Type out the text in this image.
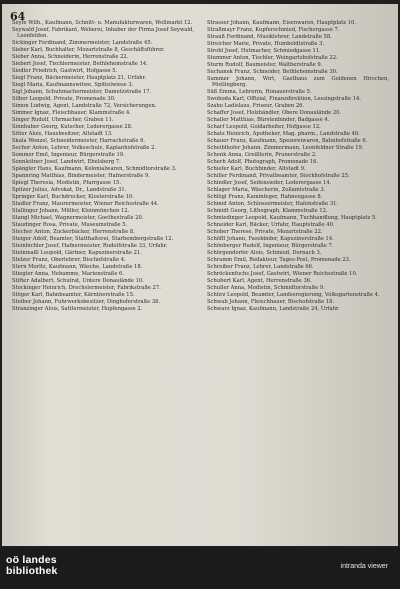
64

Seyfe Wilh., Kaufmann, Schnitt- u. Manufakturwaren, Wollmarkt 12.

Seywald Josef, Fabrikant, Weberei, Inhaber der Firma Josef Seywald, Leonfelden.

Sickinger Ferdinand, Zimmermeister, Landstraße 45.

Sieber Karl, Buchhalter, Mozartstraße 8, Geschäftsführer.

Sieber Anna, Schneiderin, Herrenstraße 22.

Siebert Josef, Tischlermeister, Bethlehemstraße 14.

Siedler Friedrich, Gastwirt, Hofgasse 5.

Siegl Franz, Bäckermeister, Hauptplatz 21, Urfahr.

Siegl Maria, Kaufmannswitwe, Spittelwiese 3.

Sigl Johann, Schuhmachermeister, Dametzstraße 17.

Silber Leopold, Private, Promenade 30.

Simon Ludwig, Agent, Landstraße 72, Versicherungen.

Simmer Ignaz, Fleischhauer, Klammstraße 4.

Singer Rudolf, Uhrmacher, Graben 11.

Sinnhuber Georg, Kutscher, Lederergasse 28.

Sitter Alois, Hausbesitzer, Altstadt 13.

Skala Wenzel, Schneidermeister, Harrachstraße 6.

Sochor Anton, Lehrer, Volksschule, Kaplanhofstraße 2.

Sommer Emil, Ingenieur, Bürgerstraße 19.

Sonnleitner Josef, Landwirt, Ebelsberg 7.

Spängler Hans, Kaufmann, Kolonialwaren, Schmidtorstraße 3.

Spannring Matthias, Bindermeister, Hafnerstraße 9.

Spiegl Theresia, Modistin, Pfarrgasse 15.

Spitzer Julius, Advokat, Dr., Landstraße 31.

Springer Karl, Buchdrucker, Klosterstraße 10.

Stadler Franz, Maurermeister, Wiener Reichsstraße 44.

Stallinger Johann, Müller, Kleinmünchen 12.

Stangl Michael, Wagnermeister, Goethestraße 20.

Staudinger Rosa, Private, Museumstraße 5.

Stecher Anton, Zuckerbäcker, Herrenstraße 8.

Steiger Adolf, Beamter, Statthalterei, Starhembergstraße 12.

Steinbichler Josef, Hafnermeister, Rudolfstraße 33, Urfahr.

Steinmaßl Leopold, Gärtner, Kapuzinerstraße 21.

Stelzer Franz, Oberlehrer, Bischofstraße 4.

Stern Moritz, Kaufmann, Wäsche, Landstraße 18.

Stiegler Anna, Hebamme, Marienstraße 6.

Stifter Adalbert, Schulrat, Untere Donaulände 10.

Stockinger Heinrich, Drechslermeister, Fabrikstraße 27.

Stöger Karl, Bahnbeamter, Kärntnerstraße 15.

Stoiber Johann, Fuhrwerksbesitzer, Dinghoferstraße 38.

Stranzinger Alois, Sattlermeister, Hopfengasse 2.

Strasser Johann, Kaufmann, Eisenwaren, Hauptplatz 10.

Straßmayr Franz, Kupferschmied, Fischergasse 7.

Strauß Ferdinand, Musiklehrer, Landstraße 58.

Streicher Marie, Private, Humboldtstraße 3.

Strobl Josef, Hutmacher, Schmiedgasse 11.

Stummer Anton, Tischler, Weingartshofstraße 22.

Sturm Rudolf, Baumeister, Waltherstraße 9.

Suchanek Franz, Schneider, Bethlehemstraße 30.

Summer Johann, Wirt, Gasthaus zum Goldenen Hirschen, Pöstlingberg.

Süß Emma, Lehrerin, Honauerstraße 5.

Swoboda Karl, Offizial, Finanzdirektion, Lessingstraße 14.

Szabo Ladislaus, Friseur, Graben 26.

Schaffer Josef, Holzhändler, Obere Donaulände 20.

Schaller Matthias, Bürstenbinder, Badgasse 4.

Scharf Leopold, Goldarbeiter, Hofgasse 12.

Schatz Heinrich, Apotheker, Mag. pharm., Landstraße 40.

Schauer Franz, Kaufmann, Spezereiwaren, Bahnhofstraße 6.

Scheiblhofer Johann, Zimmermann, Leonfeldner Straße 19.

Schenk Anna, Greißlerin, Prunerstraße 2.

Scherb Adolf, Photograph, Promenade 16.

Schiefer Karl, Buchbinder, Altstadt 9.

Schiller Ferdinand, Privatbeamter, Stockhofstraße 25.

Schindler Josef, Seifensieder, Lederergasse 14.

Schlager Maria, Wäscherin, Zollamtstraße 3.

Schlögl Franz, Kaminfeger, Hahnengasse 8.

Schmid Anton, Schlossermeister, Hafenstraße 31.

Schmidt Georg, Lithograph, Klammstraße 12.

Schmiedinger Leopold, Kaufmann, Tuchhandlung, Hauptplatz 5.

Schneider Karl, Bäcker, Urfahr, Hauptstraße 40.

Schober Therese, Private, Mozartstraße 22.

Schöffl Johann, Fassbinder, Kapuzinerstraße 14.

Schönberger Rudolf, Ingenieur, Bürgerstraße 7.

Schörgendorfer Alois, Schmied, Dornach 3.

Schramm Emil, Redakteur, Tages-Post, Promenade 23.

Schreiber Franz, Lehrer, Landstraße 66.

Schröckenfuchs Josef, Gastwirt, Wiener Reichsstraße 10.

Schubert Karl, Agent, Herrenstraße 36.

Schuller Anna, Modistin, Schmidtorstraße 9.

Schürz Leopold, Beamter, Landesregierung, Volksgartenstraße 4.

Schwab Johann, Fleischhauer, Bischofstraße 18.

Schwarz Ignaz, Kaufmann, Landstraße 24, Urfahr.

oö landes
bibliothek	intranda viewer
